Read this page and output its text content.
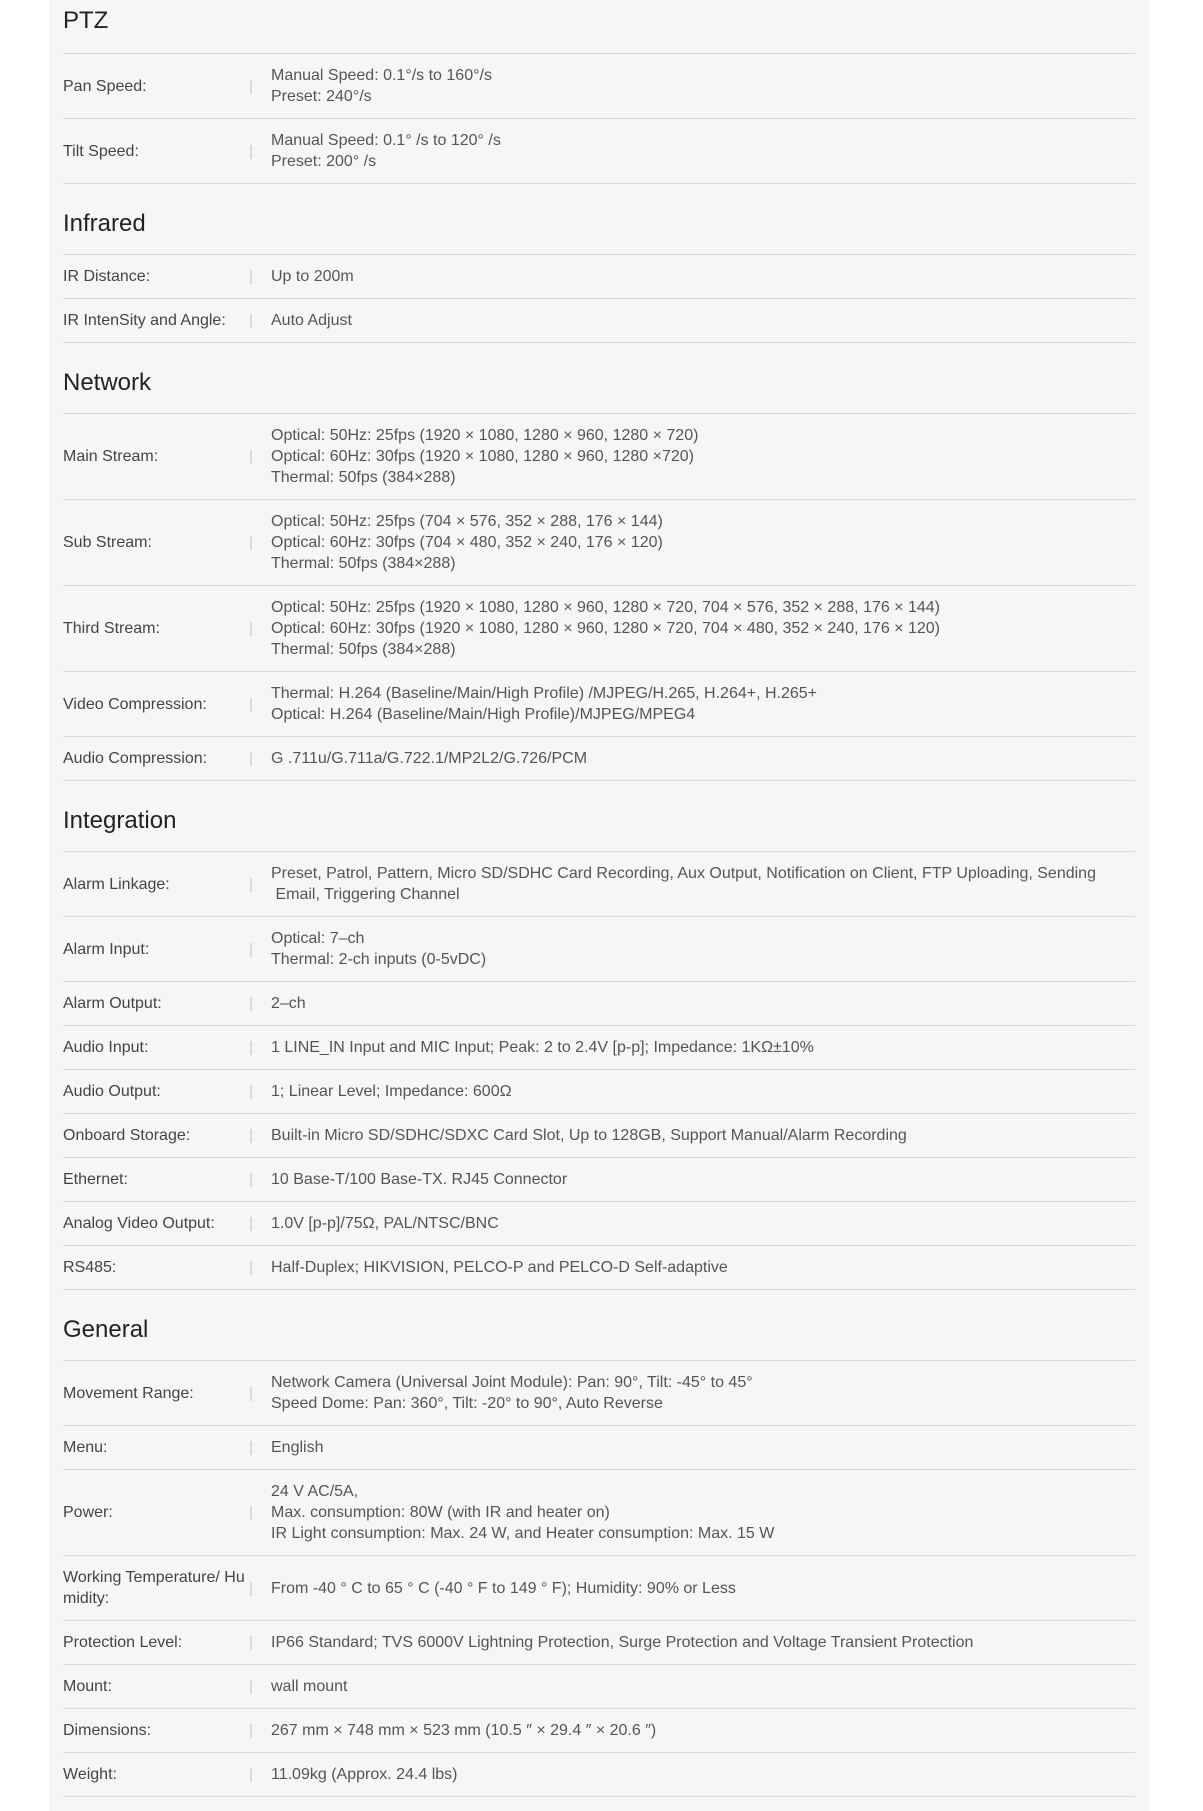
PTZ
Pan Speed:	|
Manual Speed: 0.1°/s to 160°/s
Preset: 240°/s
Tilt Speed:	|
Manual Speed: 0.1° /s to 120° /s
Preset: 200° /s
Infrared
IR Distance:	|	Up to 200m
IR IntenSity and Angle:	|	Auto Adjust
Network
Main Stream:	|
Optical: 50Hz: 25fps (1920 × 1080, 1280 × 960, 1280 × 720)
Optical: 60Hz: 30fps (1920 × 1080, 1280 × 960, 1280 ×720)
Thermal: 50fps (384×288)
Sub Stream:	|
Optical: 50Hz: 25fps (704 × 576, 352 × 288, 176 × 144)
Optical: 60Hz: 30fps (704 × 480, 352 × 240, 176 × 120)
Thermal: 50fps (384×288)
Third Stream:	|
Optical: 50Hz: 25fps (1920 × 1080, 1280 × 960, 1280 × 720, 704 × 576, 352 × 288, 176 × 144)
Optical: 60Hz: 30fps (1920 × 1080, 1280 × 960, 1280 × 720, 704 × 480, 352 × 240, 176 × 120)
Thermal: 50fps (384×288)
Video Compression:	|
Thermal: H.264 (Baseline/Main/High Profile) /MJPEG/H.265, H.264+, H.265+
Optical: H.264 (Baseline/Main/High Profile)/MJPEG/MPEG4
Audio Compression:	|	G .711u/G.711a/G.722.1/MP2L2/G.726/PCM
Integration
Alarm Linkage:	|
Preset, Patrol, Pattern, Micro SD/SDHC Card Recording, Aux Output, Notification on Client, FTP Uploading, Sending
Email, Triggering Channel
Alarm Input:	|
Optical: 7–ch
Thermal: 2-ch inputs (0-5vDC)
Alarm Output:	|	2–ch
Audio Input:	|	1 LINE_IN Input and MIC Input; Peak: 2 to 2.4V [p-p]; Impedance: 1KΩ±10%
Audio Output:	|	1; Linear Level; Impedance: 600Ω
Onboard Storage:	|	Built-in Micro SD/SDHC/SDXC Card Slot, Up to 128GB, Support Manual/Alarm Recording
Ethernet:	|	10 Base-T/100 Base-TX. RJ45 Connector
Analog Video Output:	|	1.0V [p-p]/75Ω, PAL/NTSC/BNC
RS485:	|	Half-Duplex; HIKVISION, PELCO-P and PELCO-D Self-adaptive
General
Movement Range:	|
Network Camera (Universal Joint Module): Pan: 90°, Tilt: -45° to 45°
Speed Dome: Pan: 360°, Tilt: -20° to 90°, Auto Reverse
Menu:	|	English
Power:	|
24 V AC/5A,
Max. consumption: 80W (with IR and heater on)
IR Light consumption: Max. 24 W, and Heater consumption: Max. 15 W
Working Temperature/ Humidity:
|	From -40 ° C to 65 ° C (-40 ° F to 149 ° F); Humidity: 90% or Less
Protection Level:	|	IP66 Standard; TVS 6000V Lightning Protection, Surge Protection and Voltage Transient Protection
Mount:	|	wall mount
Dimensions:	|	267 mm × 748 mm × 523 mm (10.5 ″ × 29.4 ″ × 20.6 ″)
Weight:	|	11.09kg (Approx. 24.4 lbs)
